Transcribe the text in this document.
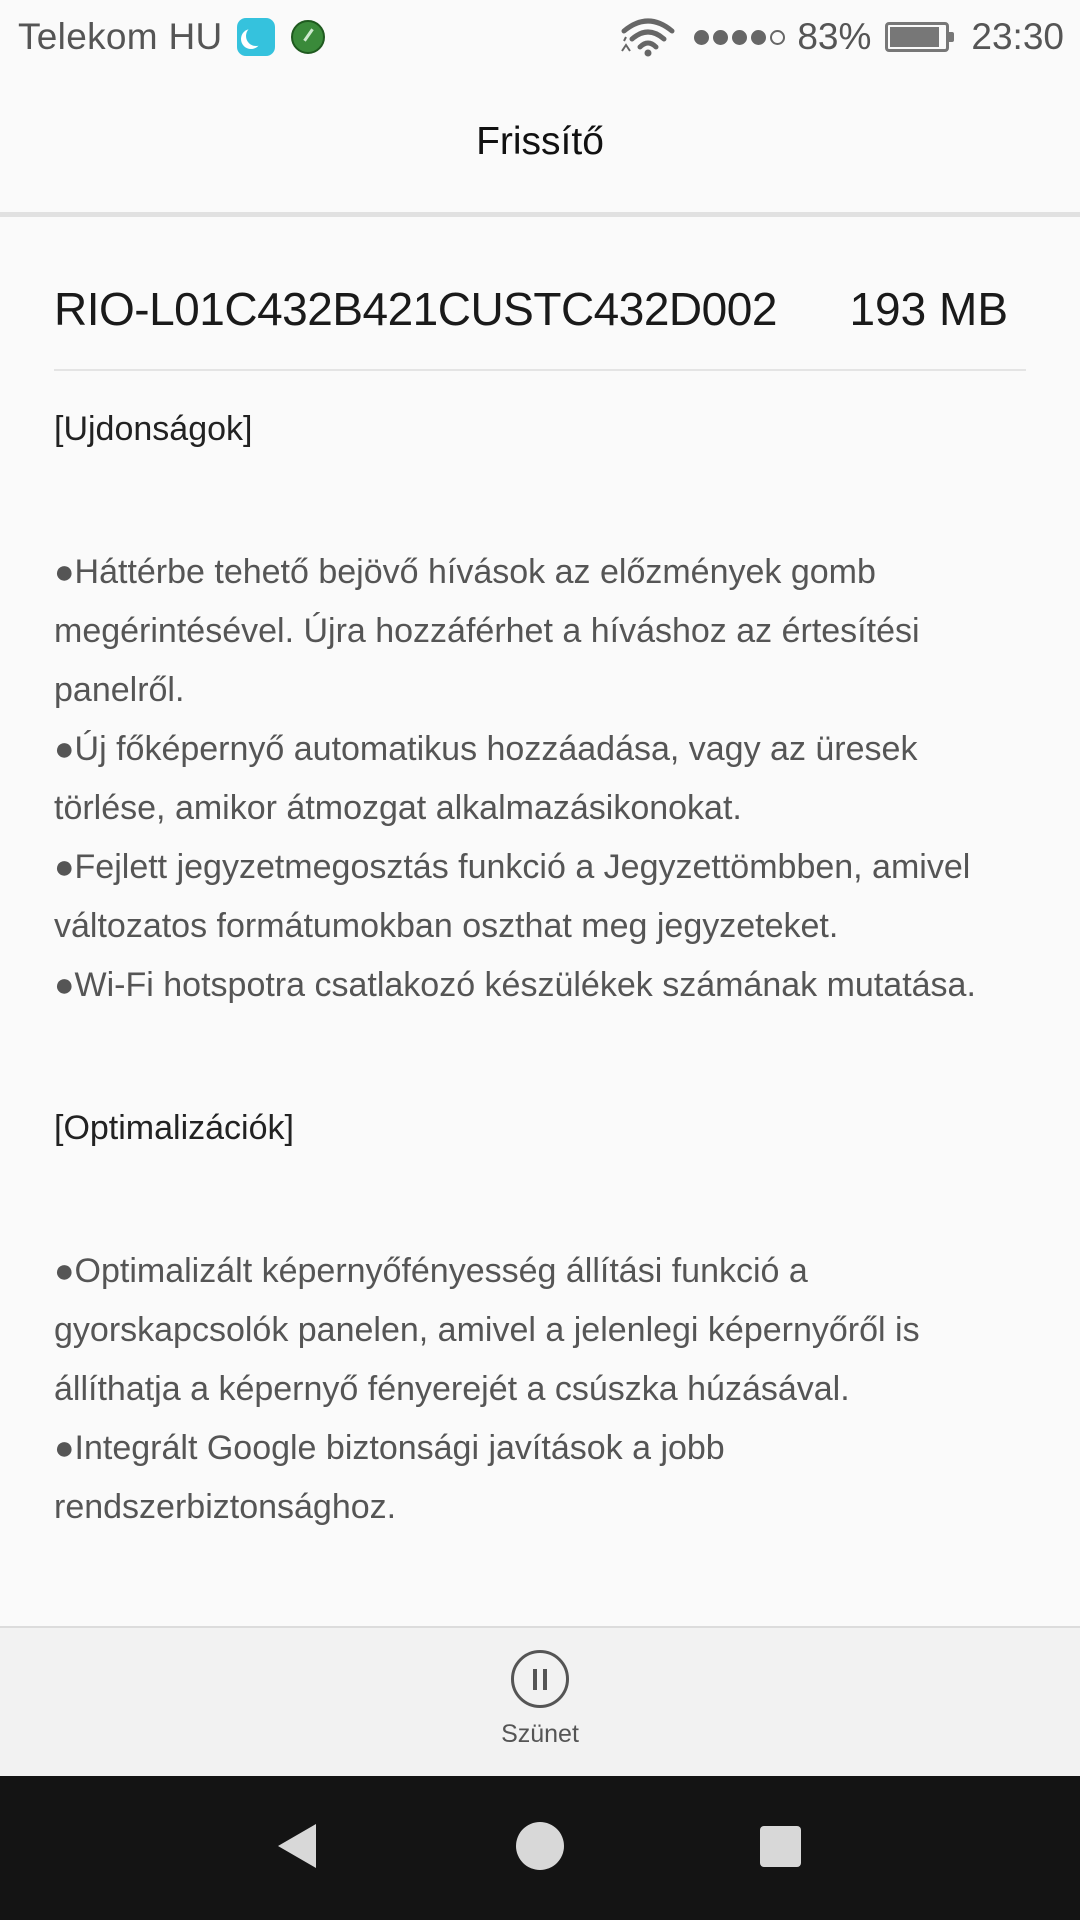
Telekom HU	83%	23:30
Frissítő
RIO-L01C432B421CUSTC432D002 193 MB
[Ujdonságok]
●Háttérbe tehető bejövő hívások az előzmények gomb
megérintésével. Újra hozzáférhet a híváshoz az értesítési
panelről.
●Új főképernyő automatikus hozzáadása, vagy az üresek
törlése, amikor átmozgat alkalmazásikonokat.
●Fejlett jegyzetmegosztás funkció a Jegyzettömbben, amivel
változatos formátumokban oszthat meg jegyzeteket.
●Wi-Fi hotspotra csatlakozó készülékek számának mutatása.
[Optimalizációk]
●Optimalizált képernyőfényesség állítási funkció a
gyorskapcsolók panelen, amivel a jelenlegi képernyőről is
állíthatja a képernyő fényerejét a csúszka húzásával.
●Integrált Google biztonsági javítások a jobb
rendszerbiztonsághoz.
Szünet
